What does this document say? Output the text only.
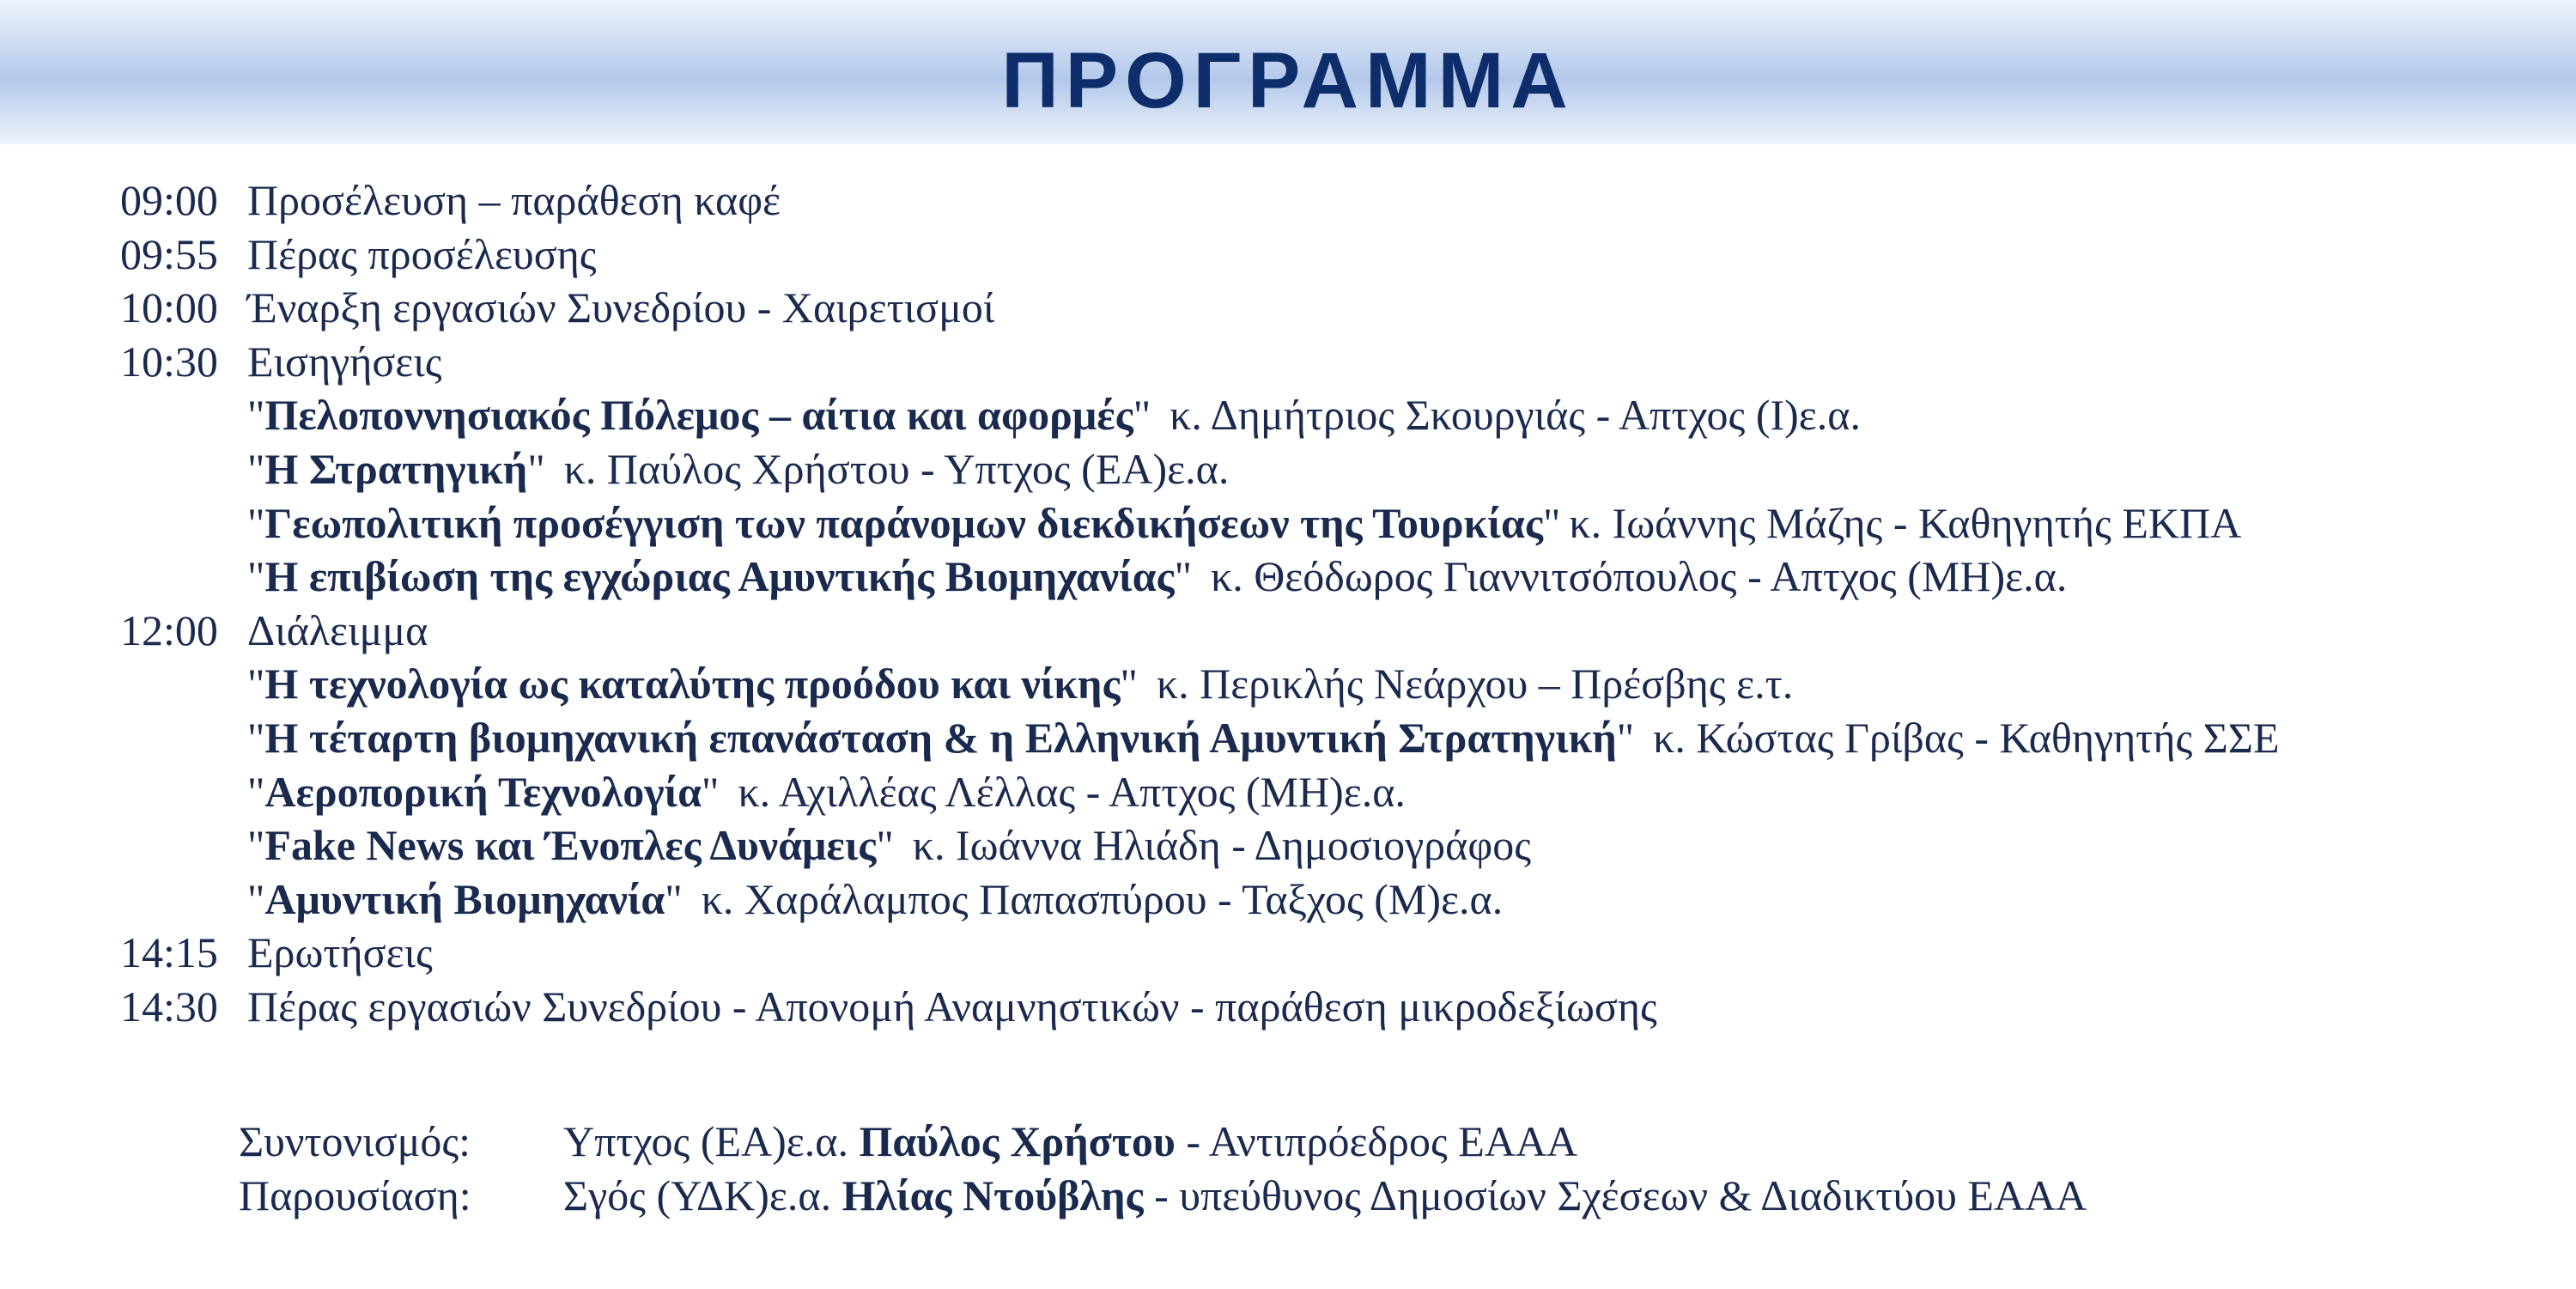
ΠΡΟΓΡΑΜΜΑ
09:00 Προσέλευση – παράθεση καφέ
09:55 Πέρας προσέλευσης
10:00 Έναρξη εργασιών Συνεδρίου - Χαιρετισμοί
10:30 Εισηγήσεις
"Πελοποννησιακός Πόλεμος – αίτια και αφορμές" κ. Δημήτριος Σκουργιάς - Απτχος (Ι)ε.α.
"Η Στρατηγική" κ. Παύλος Χρήστου - Υπτχος (ΕΑ)ε.α.
"Γεωπολιτική προσέγγιση των παράνομων διεκδικήσεων της Τουρκίας" κ. Ιωάννης Μάζης - Καθηγητής ΕΚΠΑ
"Η επιβίωση της εγχώριας Αμυντικής Βιομηχανίας" κ. Θεόδωρος Γιαννιτσόπουλος - Απτχος (ΜΗ)ε.α.
12:00 Διάλειμμα
"Η τεχνολογία ως καταλύτης προόδου και νίκης" κ. Περικλής Νεάρχου – Πρέσβης ε.τ.
"Η τέταρτη βιομηχανική επανάσταση & η Ελληνική Αμυντική Στρατηγική" κ. Κώστας Γρίβας - Καθηγητής ΣΣΕ
"Αεροπορική Τεχνολογία" κ. Αχιλλέας Λέλλας - Απτχος (ΜΗ)ε.α.
"Fake News και Ένοπλες Δυνάμεις" κ. Ιωάννα Ηλιάδη - Δημοσιογράφος
"Αμυντική Βιομηχανία" κ. Χαράλαμπος Παπασπύρου - Ταξχος (Μ)ε.α.
14:15 Ερωτήσεις
14:30 Πέρας εργασιών Συνεδρίου - Απονομή Αναμνηστικών - παράθεση μικροδεξίωσης
Συντονισμός: Υπτχος (ΕΑ)ε.α. Παύλος Χρήστου - Αντιπρόεδρος ΕΑΑΑ
Παρουσίαση: Σγός (ΥΔΚ)ε.α. Ηλίας Ντούβλης - υπεύθυνος Δημοσίων Σχέσεων & Διαδικτύου ΕΑΑΑ
